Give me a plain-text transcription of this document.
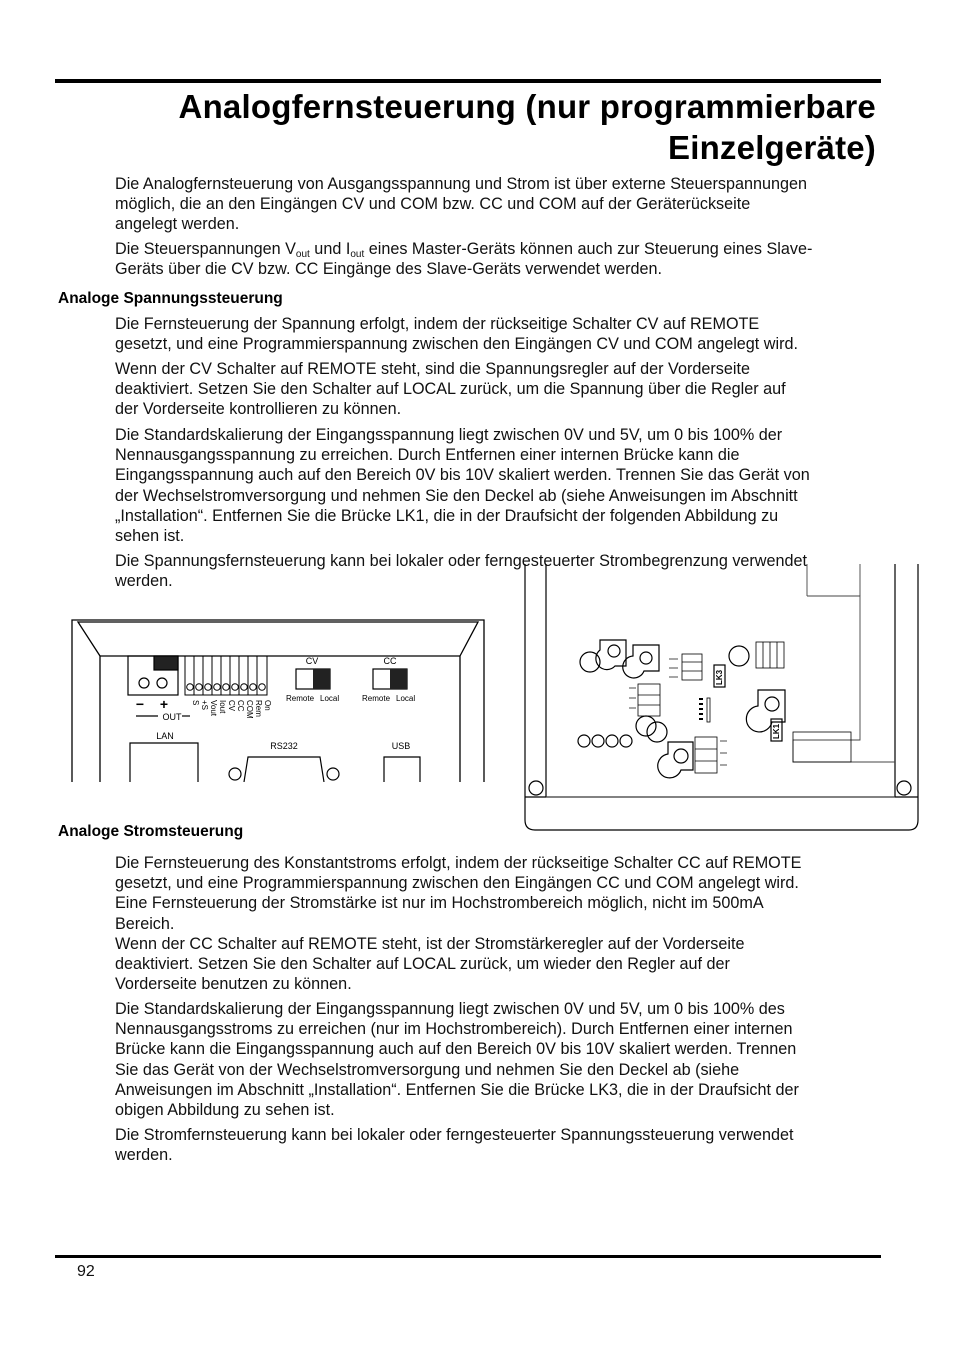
Analogfernsteuerung (nur programmierbare
Einzelgeräte)
Die Analogfernsteuerung von Ausgangsspannung und Strom ist über externe Steuerspannungen
möglich, die an den Eingängen CV und COM bzw. CC und COM auf der Geräterückseite
angelegt werden.
Die Steuerspannungen $V_{out}$ und $I_{out}$ eines Master-Geräts können auch zur Steuerung eines Slave-
Geräts über die CV bzw. CC Eingänge des Slave-Geräts verwendet werden.
Analoge Spannungssteuerung
Die Fernsteuerung der Spannung erfolgt, indem der rückseitige Schalter CV auf REMOTE
gesetzt, und eine Programmierspannung zwischen den Eingängen CV und COM angelegt wird.
Wenn der CV Schalter auf REMOTE steht, sind die Spannungsregler auf der Vorderseite
deaktiviert. Setzen Sie den Schalter auf LOCAL zurück, um die Spannung über die Regler auf
der Vorderseite kontrollieren zu können.
Die Standardskalierung der Eingangsspannung liegt zwischen 0V und 5V, um 0 bis 100% der
Nennausgangsspannung zu erreichen. Durch Entfernen einer internen Brücke kann die
Eingangsspannung auch auf den Bereich 0V bis 10V skaliert werden. Trennen Sie das Gerät von
der Wechselstromversorgung und nehmen Sie den Deckel ab (siehe Anweisungen im Abschnitt
„Installation“. Entfernen Sie die Brücke LK1, die in der Draufsicht der folgenden Abbildung zu
sehen ist.
Die Spannungsfernsteuerung kann bei lokaler oder ferngesteuerter Strombegrenzung verwendet
werden.
− +
OUT
S +S Vout Iout CV CC COM Rem On
CV
Remote Local
CC
Remote Local
LAN
RS232	USB
LK3
LK1
Analoge Stromsteuerung
Die Fernsteuerung des Konstantstroms erfolgt, indem der rückseitige Schalter CC auf REMOTE
gesetzt, und eine Programmierspannung zwischen den Eingängen CC und COM angelegt wird.
Eine Fernsteuerung der Stromstärke ist nur im Hochstrombereich möglich, nicht im 500mA
Bereich.
Wenn der CC Schalter auf REMOTE steht, ist der Stromstärkeregler auf der Vorderseite
deaktiviert. Setzen Sie den Schalter auf LOCAL zurück, um wieder den Regler auf der
Vorderseite benutzen zu können.
Die Standardskalierung der Eingangsspannung liegt zwischen 0V und 5V, um 0 bis 100% des
Nennausgangsstroms zu erreichen (nur im Hochstrombereich). Durch Entfernen einer internen
Brücke kann die Eingangsspannung auch auf den Bereich 0V bis 10V skaliert werden. Trennen
Sie das Gerät von der Wechselstromversorgung und nehmen Sie den Deckel ab (siehe
Anweisungen im Abschnitt „Installation“. Entfernen Sie die Brücke LK3, die in der Draufsicht der
obigen Abbildung zu sehen ist.
Die Stromfernsteuerung kann bei lokaler oder ferngesteuerter Spannungssteuerung verwendet
werden.
92
